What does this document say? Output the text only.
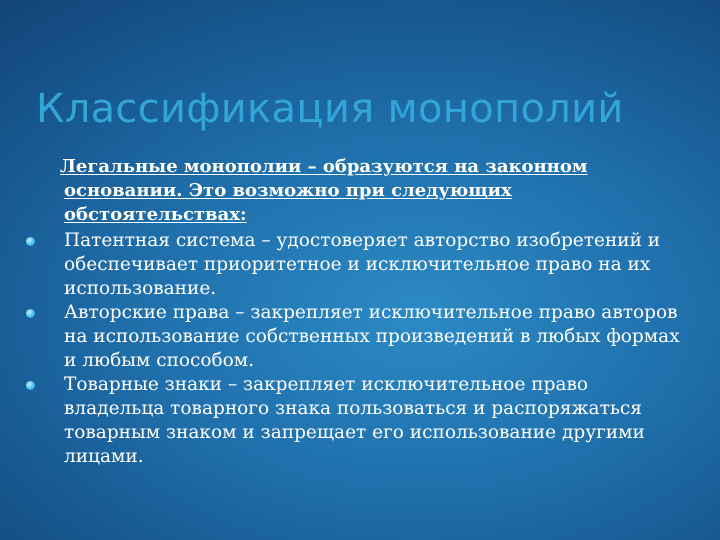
Классификация монополий

Легальные монополии – образуются на законном основании. Это возможно при следующих обстоятельствах:

Патентная система – удостоверяет авторство изобретений и обеспечивает приоритетное и исключительное право на их использование.
Авторские права – закрепляет исключительное право авторов на использование собственных произведений в любых формах и любым способом.
Товарные знаки – закрепляет исключительное право владельца товарного знака пользоваться и распоряжаться товарным знаком и запрещает его использование другими лицами.
